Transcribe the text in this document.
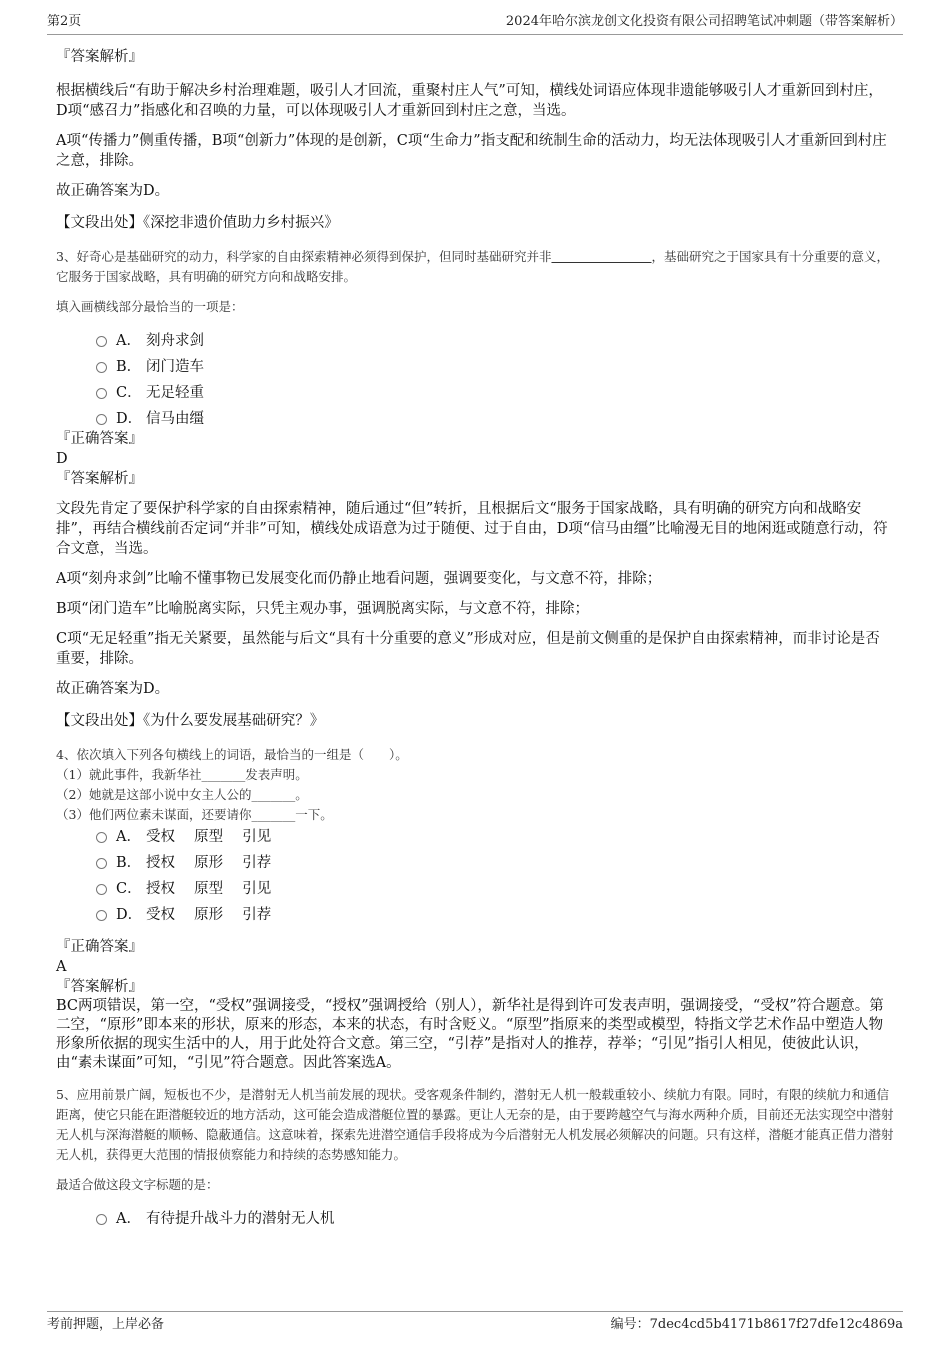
第2页	2024年哈尔滨龙创文化投资有限公司招聘笔试冲刺题（带答案解析）
『答案解析』
根据横线后“有助于解决乡村治理难题，吸引人才回流，重聚村庄人气”可知，横线处词语应体现非遗能够吸引人才重新回到村庄，D项“感召力”指感化和召唤的力量，可以体现吸引人才重新回到村庄之意，当选。
A项“传播力”侧重传播，B项“创新力”体现的是创新，C项“生命力”指支配和统制生命的活动力，均无法体现吸引人才重新回到村庄之意，排除。
故正确答案为D。
【文段出处】《深挖非遗价值助力乡村振兴》
3、好奇心是基础研究的动力，科学家的自由探索精神必须得到保护，但同时基础研究并非　　　　　　　　	，基础研究之于国家具有十分重要的意义，它服务于国家战略，具有明确的研究方向和战略安排。
填入画横线部分最恰当的一项是：
A． 刻舟求剑
B． 闭门造车
C． 无足轻重
D． 信马由缰
『正确答案』
D
『答案解析』
文段先肯定了要保护科学家的自由探索精神，随后通过“但”转折，且根据后文“服务于国家战略，具有明确的研究方向和战略安排”，再结合横线前否定词“并非”可知，横线处成语意为过于随便、过于自由，D项“信马由缰”比喻漫无目的地闲逛或随意行动，符合文意，当选。
A项“刻舟求剑”比喻不懂事物已发展变化而仍静止地看问题，强调要变化，与文意不符，排除；
B项“闭门造车”比喻脱离实际，只凭主观办事，强调脱离实际，与文意不符，排除；
C项“无足轻重”指无关紧要，虽然能与后文“具有十分重要的意义”形成对应，但是前文侧重的是保护自由探索精神，而非讨论是否重要，排除。
故正确答案为D。
【文段出处】《为什么要发展基础研究？》
4、依次填入下列各句横线上的词语，最恰当的一组是（　　）。
（1）就此事件，我新华社_______发表声明。
（2）她就是这部小说中女主人公的_______。
（3）他们两位素未谋面，还要请你_______一下。
A． 受权　 原型　 引见
B． 授权　 原形　 引荐
C． 授权　 原型　 引见
D． 受权　 原形　 引荐
『正确答案』
A
『答案解析』
BC两项错误，第一空，“受权”强调接受，“授权”强调授给（别人），新华社是得到许可发表声明，强调接受，“受权”符合题意。第二空，“原形”即本来的形状，原来的形态，本来的状态，有时含贬义。“原型”指原来的类型或模型，特指文学艺术作品中塑造人物形象所依据的现实生活中的人，用于此处符合文意。第三空，“引荐”是指对人的推荐，荐举；“引见”指引人相见，使彼此认识，由“素未谋面”可知，“引见”符合题意。因此答案选A。
5、应用前景广阔，短板也不少，是潜射无人机当前发展的现状。受客观条件制约，潜射无人机一般载重较小、续航力有限。同时，有限的续航力和通信距离，使它只能在距潜艇较近的地方活动，这可能会造成潜艇位置的暴露。更让人无奈的是，由于要跨越空气与海水两种介质，目前还无法实现空中潜射无人机与深海潜艇的顺畅、隐蔽通信。这意味着，探索先进潜空通信手段将成为今后潜射无人机发展必须解决的问题。只有这样，潜艇才能真正借力潜射无人机，获得更大范围的情报侦察能力和持续的态势感知能力。
最适合做这段文字标题的是：
A． 有待提升战斗力的潜射无人机
考前押题，上岸必备	编号：7dec4cd5b4171b8617f27dfe12c4869a
